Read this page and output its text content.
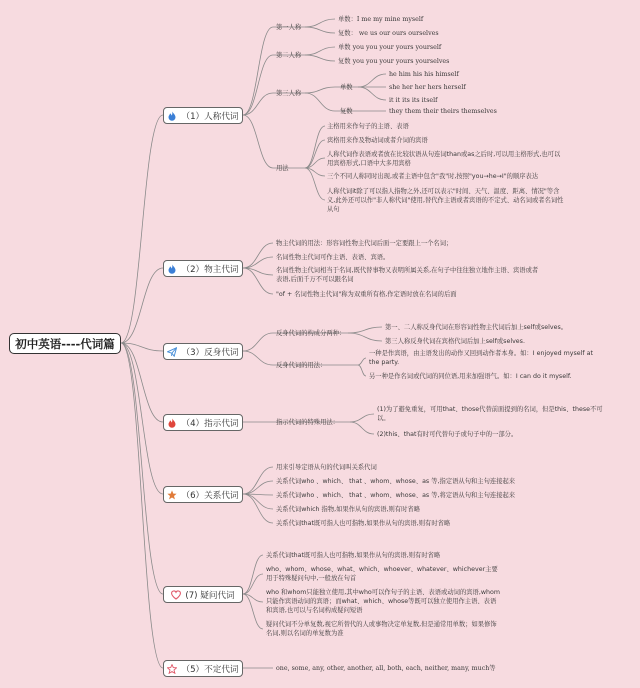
初中英语----代词篇
（1）人称代词
（2）物主代词
（3）反身代词
（4）指示代词
（6）关系代词
(7) 疑问代词
（5）不定代词
第一人称
单数：I me my mine myself
复数： we us our ours ourselves
第二人称
单数 you you your yours yourself
复数 you you your yours yourselves
第三人称
单数
he him his his himself
she her her hers herself
it it its its itself
复数	they them their theirs themselves
用法
主格用来作句子的主语、表语
宾格用来作及物动词或者介词的宾语
人称代词作表语或者放在比较状语从句连词than或as之后时,可以用主格形式,也可以用宾格形式,口语中大多用宾格
三个不同人称同时出现,或者主语中包含"我"时,按照"you→he→I"的顺序表达
人称代词it除了可以指人指物之外,还可以表示"时间、天气、温度、距离、情况"等含义,此外还可以作"非人称代词"使用,替代作主语或者宾语的不定式、动名词或者名词性从句
物主代词的用法：形容词性物主代词后面一定要跟上一个名词；
名词性物主代词可作主语、表语、宾语。
名词性物主代词相当于名词,既代替事物又表明所属关系,在句子中往往独立地作主语、宾语或者表语,后面千万不可以跟名词
"of + 名词性物主代词"称为双重所有格,作定语时放在名词的后面
反身代词的构成分两种：
第一、二人称反身代词在形容词性物主代词后加上self或selves。
第三人称反身代词在宾格代词后加上self或selves.
反身代词的用法：
一种是作宾语，由主语发出的动作又回到动作者本身。如：I enjoyed myself at the party.
另一种是作名词或代词的同位语,用来加强语气。如：I can do it myself.
指示代词的特殊用法：
(1)为了避免重复，可用that、those代替前面提到的名词，但是this、these不可以。
(2)this、that有时可代替句子或句子中的一部分。
用来引导定语从句的代词叫关系代词
关系代词who 、which、 that 、whom、whose、as 等,指定语从句和主句连接起来
关系代词who 、which、 that 、whom、whose、as 等,将定语从句和主句连接起来
关系代词which 指物,如果作从句的宾语,则有时省略
关系代词that既可指人也可指物,如果作从句的宾语,则有时省略
关系代词that既可指人也可指物,如果作从句的宾语,则有时省略
who、whom、whose、what、which、whoever、whatever、whichever主要用于特殊疑问句中,一般放在句首
who 和whom只能独立使用,其中who可以作句子的主语、表语或动词的宾语,whom只能作宾语动词的宾语；而what、which、whose等既可以独立使用作主语、表语和宾语,也可以与名词构成疑问短语
疑问代词不分单复数,视它所替代的人或事物决定单复数,但是通常用单数；如果修饰名词,则以名词的单复数为准
one, some, any, other, another, all, both, each, neither, many, much等
